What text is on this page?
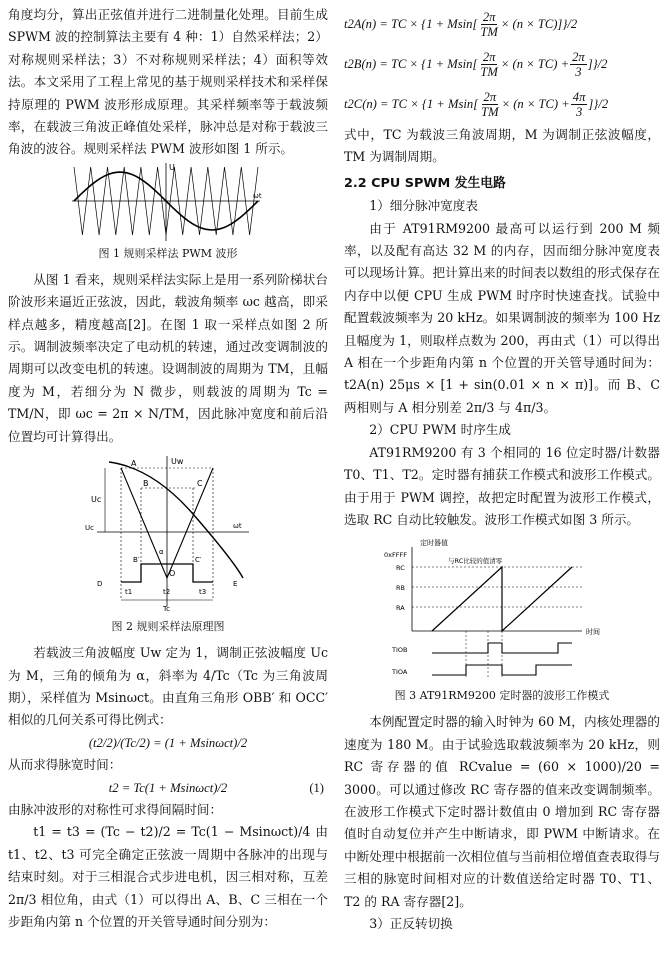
角度均分，算出正弦值并进行二进制量化处理。目前生成 SPWM 波的控制算法主要有 4 种：1）自然采样法；2）对称规则采样法；3）不对称规则采样法；4）面积等效法。本文采用了工程上常见的基于规则采样技术和采样保持原理的 PWM 波形形成原理。其采样频率等于载波频率，在载波三角波正峰值处采样，脉冲总是对称于载波三角波的波谷。规则采样法 PWM 波形如图 1 所示。

U
ωt
图 1 规则采样法 PWM 波形

从图 1 看来，规则采样法实际上是用一系列阶梯状台阶波形来逼近正弦波，因此，载波角频率 ωc 越高，即采样点越多，精度越高[2]。在图 1 取一采样点如图 2 所示。调制波频率决定了电动机的转速，通过改变调制波的周期可以改变电机的转速。设调制波的周期为 TM，且幅度为 M，若细分为 N 微步，则载波的周期为 Tc = TM/N，即 ωc = 2π × N/TM，因此脉冲宽度和前后沿位置均可计算得出。

Uc
Uw
A
B	C
O
B′	C′
ωt
D	E
t1	t2	t3
Tc
α
Uc
图 2 规则采样法原理图

若载波三角波幅度 Uw 定为 1，调制正弦波幅度 Uc 为 M，三角的倾角为 α，斜率为 4/Tc（Tc 为三角波周期），采样值为 Msinωct。由直角三角形 OBB′ 和 OCC′ 相似的几何关系可得比例式：

(t2/2)/(Tc/2) = (1 + Msinωct)/2

从而求得脉宽时间：

t2 = Tc(1 + Msinωct)/2	(1)

由脉冲波形的对称性可求得间隔时间：

t1 = t3 = (Tc − t2)/2 = Tc(1 − Msinωct)/4 由 t1、t2、t3 可完全确定正弦波一周期中各脉冲的出现与结束时刻。对于三相混合式步进电机，因三相对称，互差 2π/3 相位角，由式（1）可以得出 A、B、C 三相在一个步距角内第 n 个位置的开关管导通时间分别为：

t2A(n) = TC × {$1 + Msin[ \frac{2\pi}{TM} \times (n \times TC)$ ]}/2
t2B(n) = TC × $\{1 + Msin[ \frac{2\pi}{TM} \times (n \times TC) + \frac{2\pi}{3} ]\}/2$
t2C(n) = TC × $\{1 + Msin[ \frac{2\pi}{TM} \times (n \times TC) + \frac{4\pi}{3} ]\}/2$

式中，TC 为载波三角波周期，M 为调制正弦波幅度，TM 为调制周期。

2.2 CPU SPWM 发生电路

1）细分脉冲宽度表

由于 AT91RM9200 最高可以运行到 200 M 频率，以及配有高达 32 M 的内存，因而细分脉冲宽度表可以现场计算。把计算出来的时间表以数组的形式保存在内存中以便 CPU 生成 PWM 时序时快速查找。试验中配置载波频率为 20 kHz。如果调制波的频率为 100 Hz 且幅度为 1，则取样点数为 200，再由式（1）可以得出 A 相在一个步距角内第 n 个位置的开关管导通时间为：t2A(n) 25μs × [1 + sin(0.01 × n × π)]。而 B、C 两相则与 A 相分别差 2π/3 与 4π/3。

2）CPU PWM 时序生成

AT91RM9200 有 3 个相同的 16 位定时器/计数器 T0、T1、T2。定时器有捕获工作模式和波形工作模式。由于用于 PWM 调控，故把定时配置为波形工作模式，选取 RC 自动比较触发。波形工作模式如图 3 所示。

定时器值
0xFFFF
与RC比较的值清零
RC
RB
RA
时间
TIOB
TIOA
图 3 AT91RM9200 定时器的波形工作模式

本例配置定时器的输入时钟为 60 M，内核处理器的速度为 180 M。由于试验选取载波频率为 20 kHz，则 RC 寄存器的值 RCvalue = (60 × 1000)/20 = 3000。可以通过修改 RC 寄存器的值来改变调制频率。在波形工作模式下定时器计数值由 0 增加到 RC 寄存器值时自动复位并产生中断请求，即 PWM 中断请求。在中断处理中根据前一次相位值与当前相位增值查表取得与三相的脉宽时间相对应的计数值送给定时器 T0、T1、T2 的 RA 寄存器[2]。

3）正反转切换
